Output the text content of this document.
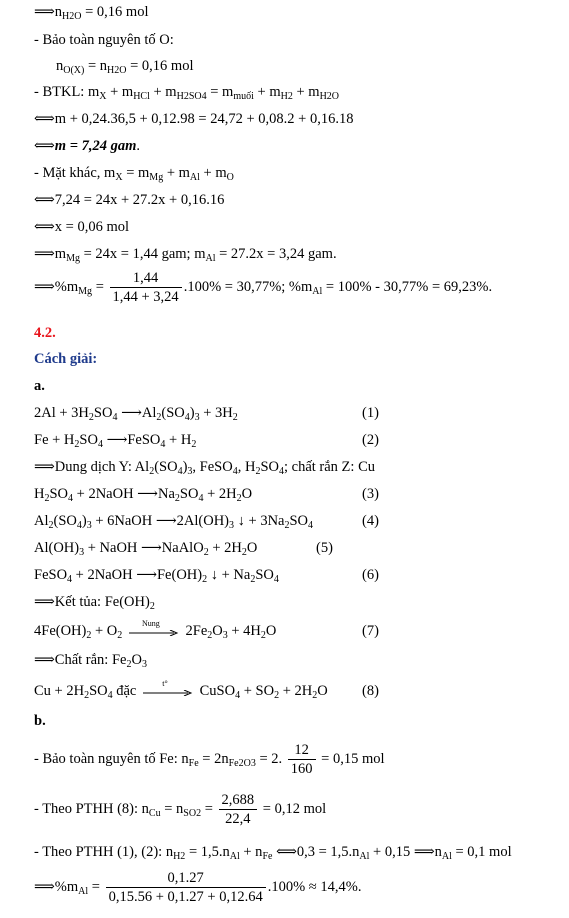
$⟹n_{H2O} = 0,16$ mol
- Bảo toàn nguyên tố O:
$n_{O(X)} = n_{H2O} = 0,16$ mol
- BTKL: $m_X + m_{HCl} + m_{H2SO4} = m_{muối} + m_{H2} + m_{H2O}$
⟺m + 0,24.36,5 + 0,12.98 = 24,72 + 0,08.2 + 0,16.18
⟺m = 7,24 gam.
- Mặt khác, $m_X = m_{Mg} + m_{Al} + m_O$
⟺7,24 = 24x + 27.2x + 0,16.16
⟺x = 0,06 mol
$⟹m_{Mg} = 24x = 1,44$ gam; $m_{Al} = 27.2x = 3,24$ gam.
$⟹\%m_{Mg} = \frac{1,44}{1,44 + 3,24} .100\% = 30,77\%$; $\%m_{Al} = 100\% - 30,77\% = 69,23\%$.
4.2.
Cách giải:
a.
$2Al + 3H_2SO_4$ $⟶Al_2(SO_4)_3 + 3H_2$	(1)
$Fe + H_2SO_4$ ⟶FeSO$_4$ + $H_2$	(2)
⟹Dung dịch Y: $Al_2(SO_4)_3$, FeSO$_4$, $H_2SO_4$; chất rắn Z: Cu
$H_2SO_4$ + 2NaOH $⟶Na_2SO_4 + 2H_2O$	(3)
$Al_2(SO_4)_3$ + 6NaOH $⟶2Al(OH)_3$ ↓ + $3Na_2SO_4$	(4)
$Al(OH)_3$ + NaOH ⟶NaAlO$_2$ + $2H_2O$	(5)
FeSO$_4$ + 2NaOH $⟶Fe(OH)_2$ ↓ + $Na_2SO_4$	(6)
⟹Kết tủa: $Fe(OH)_2$
$4Fe(OH)_2 + O_2$
Nung	$2Fe_2O_3 + 4H_2O$	(7)
⟹Chất rắn: $Fe_2O_3$
$Cu + 2H_2SO_4$ đặc	t°	CuSO$_4$ + $SO_2 + 2H_2O$ (8)
b.
- Bảo toàn nguyên tố Fe: $n_{Fe} = 2n_{Fe2O3} = 2$. $\frac{12}{160} = 0,15$ mol
- Theo PTHH (8): $n_{Cu} = n_{SO2} = \frac{2,688}{22,4} = 0,12$ mol
- Theo PTHH (1), (2): $n_{H2} = 1,5.n_{Al} + n_{Fe}$ ⟺0,3 = $1,5.n_{Al} + 0,15$ $⟹n_{Al} = 0,1$ mol
$⟹\%m_{Al} = \frac{0,1.27}{0,15.56 + 0,1.27 + 0,12.64} .100\% \approx 14,4\%$.
